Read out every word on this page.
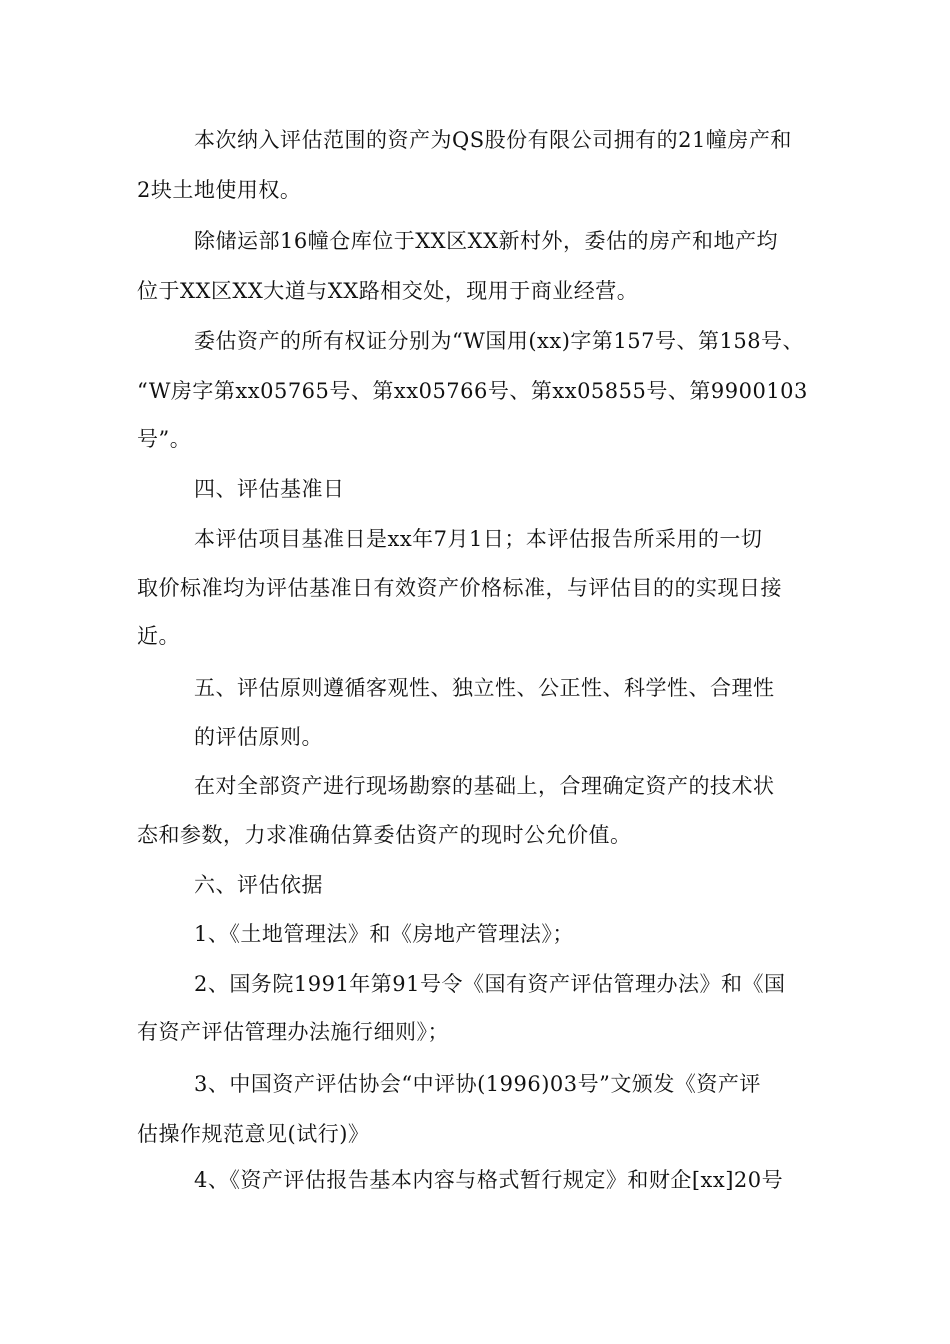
本次纳入评估范围的资产为QS股份有限公司拥有的21幢房产和

2块土地使用权。

除储运部16幢仓库位于XX区XX新村外，委估的房产和地产均

位于XX区XX大道与XX路相交处，现用于商业经营。

委估资产的所有权证分别为“W国用(xx)字第157号、第158号、

“W房字第xx05765号、第xx05766号、第xx05855号、第9900103

号”。

四、评估基准日

本评估项目基准日是xx年7月1日；本评估报告所采用的一切

取价标准均为评估基准日有效资产价格标准，与评估目的的实现日接

近。

五、评估原则遵循客观性、独立性、公正性、科学性、合理性

的评估原则。

在对全部资产进行现场勘察的基础上，合理确定资产的技术状

态和参数，力求准确估算委估资产的现时公允价值。

六、评估依据

1、《土地管理法》和《房地产管理法》；

2、国务院1991年第91号令《国有资产评估管理办法》和《国

有资产评估管理办法施行细则》；

3、中国资产评估协会“中评协(1996)03号”文颁发《资产评

估操作规范意见(试行)》

4、《资产评估报告基本内容与格式暂行规定》和财企[xx]20号
